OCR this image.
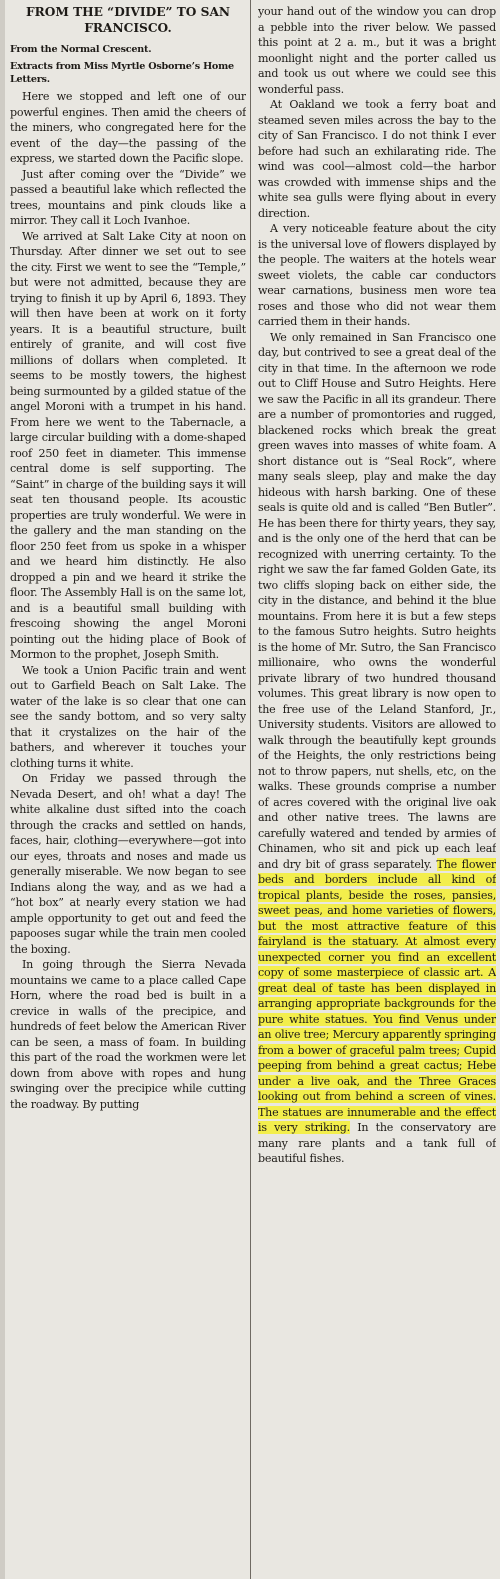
FROM THE “DIVIDE” TO SAN FRANCISCO.
From the Normal Crescent.
Extracts from Miss Myrtle Osborne’s Home Letters.

Here we stopped and left one of our powerful engines. Then amid the cheers of the miners, who congregated here for the event of the day—the passing of the express, we started down the Pacific slope.

Just after coming over the “Divide” we passed a beautiful lake which reflected the trees, mountains and pink clouds like a mirror. They call it Loch Ivanhoe.

We arrived at Salt Lake City at noon on Thursday. After dinner we set out to see the city. First we went to see the “Temple,” but were not admitted, because they are trying to finish it up by April 6, 1893. They will then have been at work on it forty years. It is a beautiful structure, built entirely of granite, and will cost five millions of dollars when completed. It seems to be mostly towers, the highest being surmounted by a gilded statue of the angel Moroni with a trumpet in his hand. From here we went to the Tabernacle, a large circular building with a dome-shaped roof 250 feet in diameter. This immense central dome is self supporting. The “Saint” in charge of the building says it will seat ten thousand people. Its acoustic properties are truly wonderful. We were in the gallery and the man standing on the floor 250 feet from us spoke in a whisper and we heard him distinctly. He also dropped a pin and we heard it strike the floor. The Assembly Hall is on the same lot, and is a beautiful small building with frescoing showing the angel Moroni pointing out the hiding place of Book of Mormon to the prophet, Joseph Smith.

We took a Union Pacific train and went out to Garfield Beach on Salt Lake. The water of the lake is so clear that one can see the sandy bottom, and so very salty that it crystalizes on the hair of the bathers, and wherever it touches your clothing turns it white.

On Friday we passed through the Nevada Desert, and oh! what a day! The white alkaline dust sifted into the coach through the cracks and settled on hands, faces, hair, clothing—everywhere—got into our eyes, throats and noses and made us generally miserable. We now began to see Indians along the way, and as we had a “hot box” at nearly every station we had ample opportunity to get out and feed the papooses sugar while the train men cooled the boxing.

In going through the Sierra Nevada mountains we came to a place called Cape Horn, where the road bed is built in a crevice in walls of the precipice, and hundreds of feet below the American River can be seen, a mass of foam. In building this part of the road the workmen were let down from above with ropes and hung swinging over the precipice while cutting the roadway. By putting

your hand out of the window you can drop a pebble into the river below. We passed this point at 2 a. m., but it was a bright moonlight night and the porter called us and took us out where we could see this wonderful pass.

At Oakland we took a ferry boat and steamed seven miles across the bay to the city of San Francisco. I do not think I ever before had such an exhilarating ride. The wind was cool—almost cold—the harbor was crowded with immense ships and the white sea gulls were flying about in every direction.

A very noticeable feature about the city is the universal love of flowers displayed by the people. The waiters at the hotels wear sweet violets, the cable car conductors wear carnations, business men wore tea roses and those who did not wear them carried them in their hands.

We only remained in San Francisco one day, but contrived to see a great deal of the city in that time. In the afternoon we rode out to Cliff House and Sutro Heights. Here we saw the Pacific in all its grandeur. There are a number of promontories and rugged, blackened rocks which break the great green waves into masses of white foam. A short distance out is “Seal Rock”, where many seals sleep, play and make the day hideous with harsh barking. One of these seals is quite old and is called “Ben Butler”. He has been there for thirty years, they say, and is the only one of the herd that can be recognized with unerring certainty. To the right we saw the far famed Golden Gate, its two cliffs sloping back on either side, the city in the distance, and behind it the blue mountains. From here it is but a few steps to the famous Sutro heights. Sutro heights is the home of Mr. Sutro, the San Francisco millionaire, who owns the wonderful private library of two hundred thousand volumes. This great library is now open to the free use of the Leland Stanford, Jr., University students. Visitors are allowed to walk through the beautifully kept grounds of the Heights, the only restrictions being not to throw papers, nut shells, etc, on the walks. These grounds comprise a number of acres covered with the original live oak and other native trees. The lawns are carefully watered and tended by armies of Chinamen, who sit and pick up each leaf and dry bit of grass separately. The flower beds and borders include all kind of tropical plants, beside the roses, pansies, sweet peas, and home varieties of flowers, but the most attractive feature of this fairyland is the statuary. At almost every unexpected corner you find an excellent copy of some masterpiece of classic art. A great deal of taste has been displayed in arranging appropriate backgrounds for the pure white statues. You find Venus under an olive tree; Mercury apparently springing from a bower of graceful palm trees; Cupid peeping from behind a great cactus; Hebe under a live oak, and the Three Graces looking out from behind a screen of vines. The statues are innumerable and the effect is very striking. In the conservatory are many rare plants and a tank full of beautiful fishes.
